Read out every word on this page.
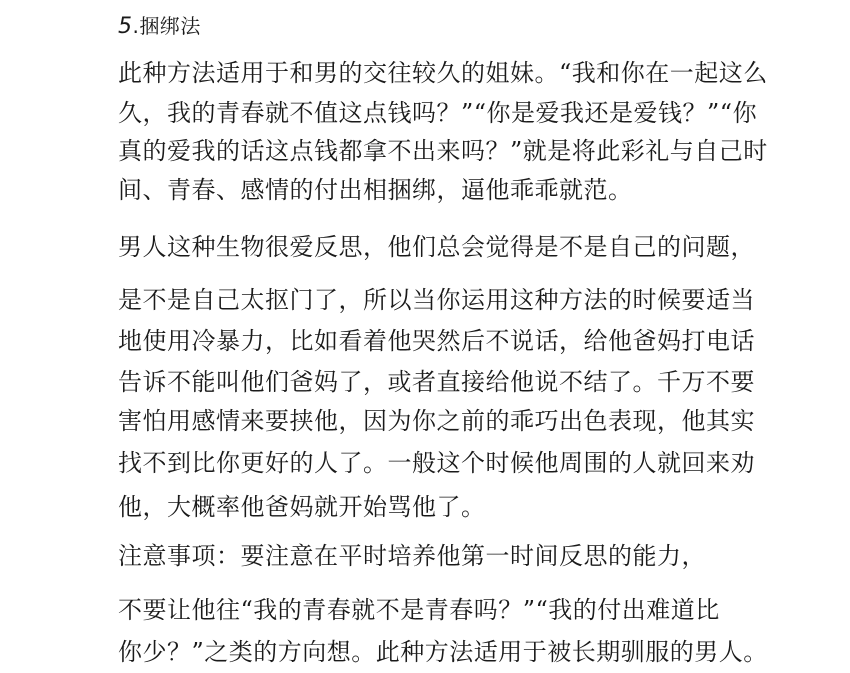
5.捆绑法
此种方法适用于和男的交往较久的姐妹。“我和你在一起这么
久，我的青春就不值这点钱吗？”“你是爱我还是爱钱？”“你
真的爱我的话这点钱都拿不出来吗？”就是将此彩礼与自己时
间、青春、感情的付出相捆绑，逼他乖乖就范。
男人这种生物很爱反思，他们总会觉得是不是自己的问题，
是不是自己太抠门了，所以当你运用这种方法的时候要适当
地使用冷暴力，比如看着他哭然后不说话，给他爸妈打电话
告诉不能叫他们爸妈了，或者直接给他说不结了。千万不要
害怕用感情来要挟他，因为你之前的乖巧出色表现，他其实
找不到比你更好的人了。一般这个时候他周围的人就回来劝
他，大概率他爸妈就开始骂他了。
注意事项：要注意在平时培养他第一时间反思的能力，
不要让他往“我的青春就不是青春吗？”“我的付出难道比
你少？”之类的方向想。此种方法适用于被长期驯服的男人。
